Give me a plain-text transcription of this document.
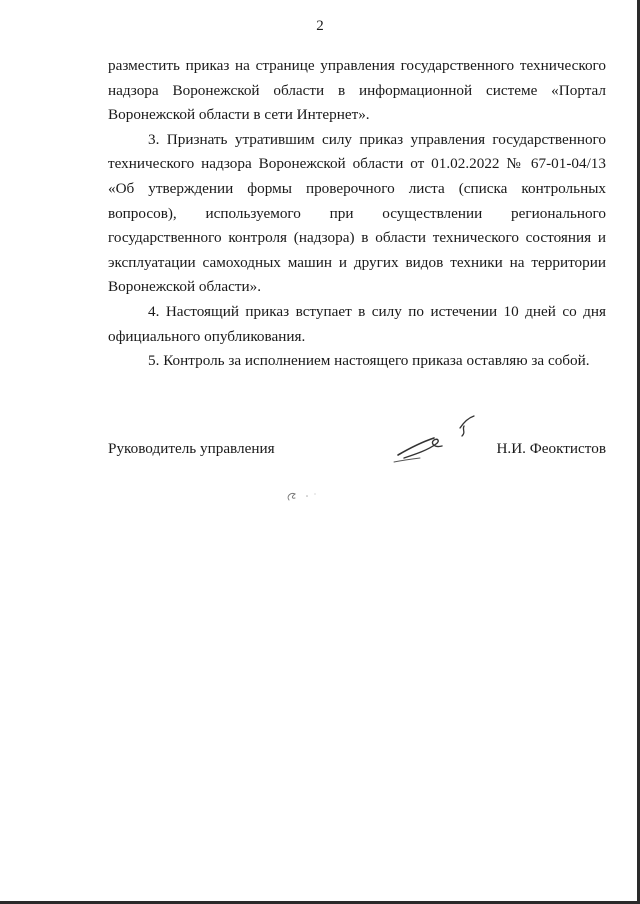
2

разместить приказ на странице управления государственного технического надзора Воронежской области в информационной системе «Портал Воронежской области в сети Интернет».

3. Признать утратившим силу приказ управления государственного технического надзора Воронежской области от 01.02.2022 № 67-01-04/13 «Об утверждении формы проверочного листа (списка контрольных вопросов), используемого при осуществлении регионального государственного контроля (надзора) в области технического состояния и эксплуатации самоходных машин и других видов техники на территории Воронежской области».

4. Настоящий приказ вступает в силу по истечении 10 дней со дня официального опубликования.

5. Контроль за исполнением настоящего приказа оставляю за собой.

Руководитель управления	Н.И. Феоктистов
